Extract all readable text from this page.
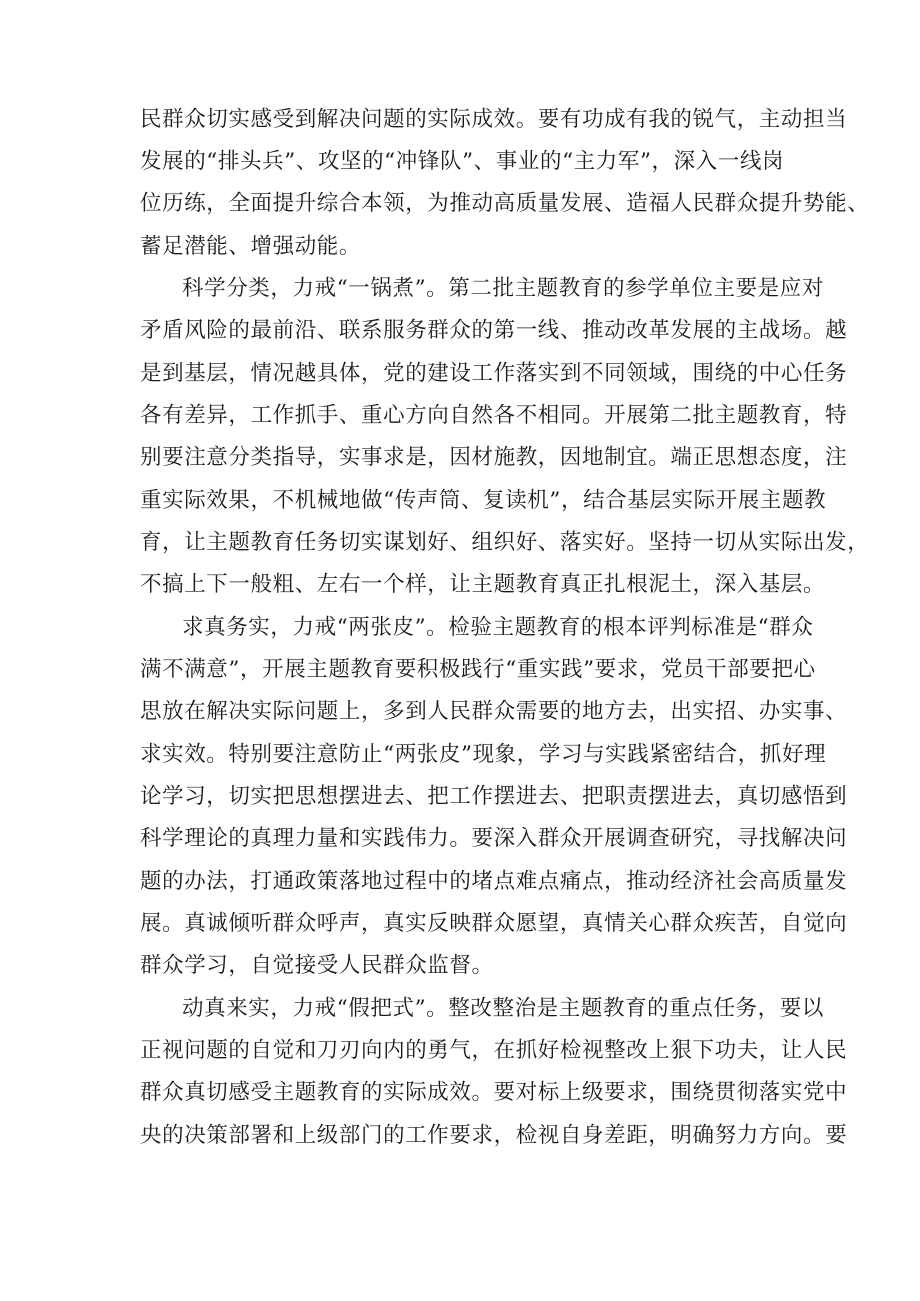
民群众切实感受到解决问题的实际成效。要有功成有我的锐气，主动担当
发展的“排头兵”、攻坚的“冲锋队”、事业的“主力军”，深入一线岗
位历练，全面提升综合本领，为推动高质量发展、造福人民群众提升势能、
蓄足潜能、增强动能。
科学分类，力戒“一锅煮”。第二批主题教育的参学单位主要是应对
矛盾风险的最前沿、联系服务群众的第一线、推动改革发展的主战场。越
是到基层，情况越具体，党的建设工作落实到不同领域，围绕的中心任务
各有差异，工作抓手、重心方向自然各不相同。开展第二批主题教育，特
别要注意分类指导，实事求是，因材施教，因地制宜。端正思想态度，注
重实际效果，不机械地做“传声筒、复读机”，结合基层实际开展主题教
育，让主题教育任务切实谋划好、组织好、落实好。坚持一切从实际出发，
不搞上下一般粗、左右一个样，让主题教育真正扎根泥土，深入基层。
求真务实，力戒“两张皮”。检验主题教育的根本评判标准是“群众
满不满意”，开展主题教育要积极践行“重实践”要求，党员干部要把心
思放在解决实际问题上，多到人民群众需要的地方去，出实招、办实事、
求实效。特别要注意防止“两张皮”现象，学习与实践紧密结合，抓好理
论学习，切实把思想摆进去、把工作摆进去、把职责摆进去，真切感悟到
科学理论的真理力量和实践伟力。要深入群众开展调查研究，寻找解决问
题的办法，打通政策落地过程中的堵点难点痛点，推动经济社会高质量发
展。真诚倾听群众呼声，真实反映群众愿望，真情关心群众疾苦，自觉向
群众学习，自觉接受人民群众监督。
动真来实，力戒“假把式”。整改整治是主题教育的重点任务，要以
正视问题的自觉和刀刃向内的勇气，在抓好检视整改上狠下功夫，让人民
群众真切感受主题教育的实际成效。要对标上级要求，围绕贯彻落实党中
央的决策部署和上级部门的工作要求，检视自身差距，明确努力方向。要
